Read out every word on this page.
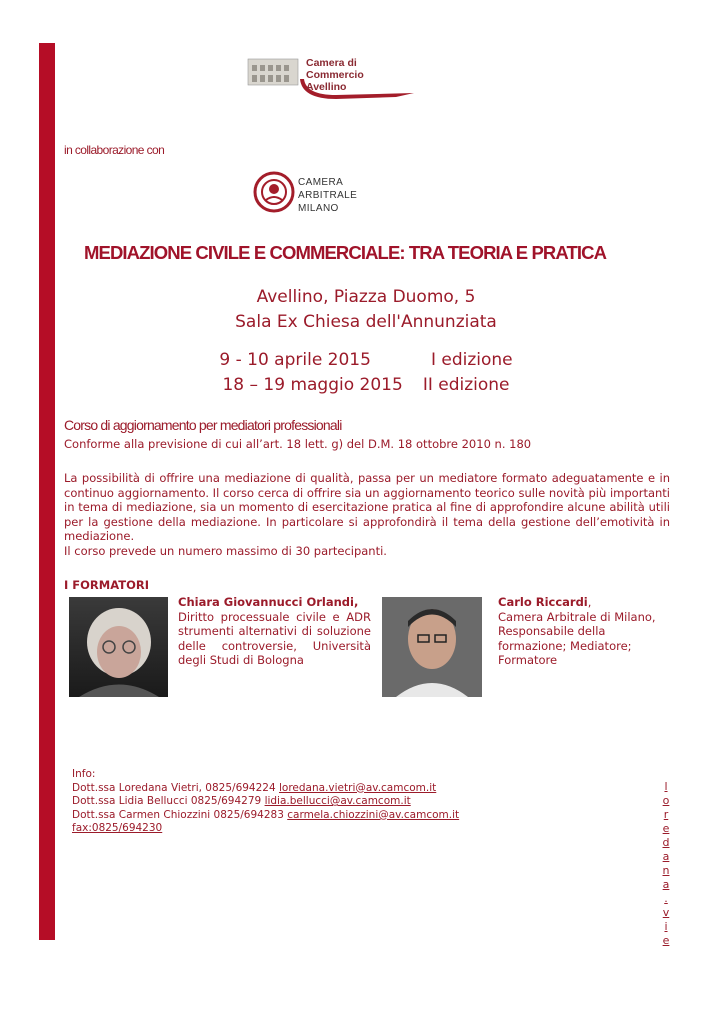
Camera di Commercio
Avellino
in collaborazione con
CAMERA
ARBITRALE
MILANO
MEDIAZIONE CIVILE E COMMERCIALE: TRA TEORIA E PRATICA
Avellino, Piazza Duomo, 5
Sala Ex Chiesa dell'Annunziata
9 - 10 aprile 2015	I edizione
18 – 19 maggio 2015 II edizione
Corso di aggiornamento per mediatori professionali
Conforme alla previsione di cui all’art. 18 lett. g) del D.M. 18 ottobre 2010 n. 180

La possibilità di offrire una mediazione di qualità, passa per un mediatore formato adeguatamente e in continuo aggiornamento. Il corso cerca di offrire sia un aggiornamento teorico sulle novità più importanti in tema di mediazione, sia un momento di esercitazione pratica al fine di approfondire alcune abilità utili per la gestione della mediazione. In particolare si approfondirà il tema della gestione dell’emotività in mediazione.

Il corso prevede un numero massimo di 30 partecipanti.

I FORMATORI
Chiara Giovannucci Orlandi,
Diritto processuale civile e ADR strumenti alternativi di soluzione delle controversie, Università degli Studi di Bologna
Carlo Riccardi,
Camera Arbitrale di Milano, Responsabile della formazione; Mediatore; Formatore
Info:
Dott.ssa Loredana Vietri, 0825/694224 loredana.vietri@av.camcom.it
Dott.ssa Lidia Bellucci 0825/694279 lidia.bellucci@av.camcom.it
Dott.ssa Carmen Chiozzini 0825/694283 carmela.chiozzini@av.camcom.it
fax:0825/694230
l
o
r
e
d
a
n
a
.
v
i
e
